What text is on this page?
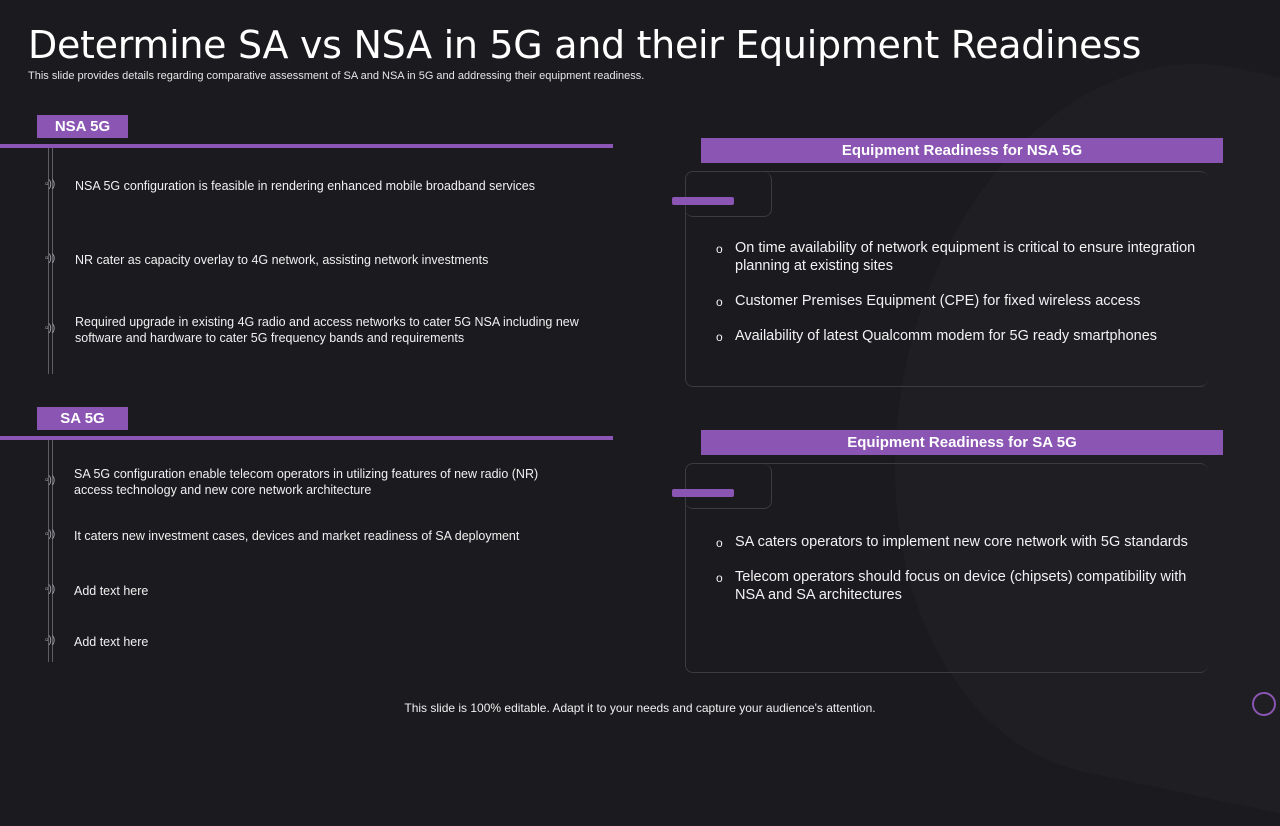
Determine SA vs NSA in 5G and their Equipment Readiness
This slide provides details regarding comparative assessment of SA and NSA in 5G and addressing their equipment readiness.
NSA 5G
▫))	NSA 5G configuration is feasible in rendering enhanced mobile broadband services
▫))	NR cater as capacity overlay to 4G network, assisting network investments
▫))	Required upgrade in existing 4G radio and access networks to cater 5G NSA including new software and hardware to cater 5G frequency bands and requirements
SA 5G
▫))	SA 5G configuration enable telecom operators in utilizing features of new radio (NR) access technology and new core network architecture
▫))	It caters new investment cases, devices and market readiness of SA deployment
▫))	Add text here
▫))	Add text here
Equipment Readiness for NSA 5G
o On time availability of network equipment is critical to ensure integration planning at existing sites
o Customer Premises Equipment (CPE) for fixed wireless access
o Availability of latest Qualcomm modem for 5G ready smartphones
Equipment Readiness for SA 5G
o SA caters operators to implement new core network with 5G standards
o Telecom operators should focus on device (chipsets) compatibility with NSA and SA architectures
This slide is 100% editable. Adapt it to your needs and capture your audience's attention.
